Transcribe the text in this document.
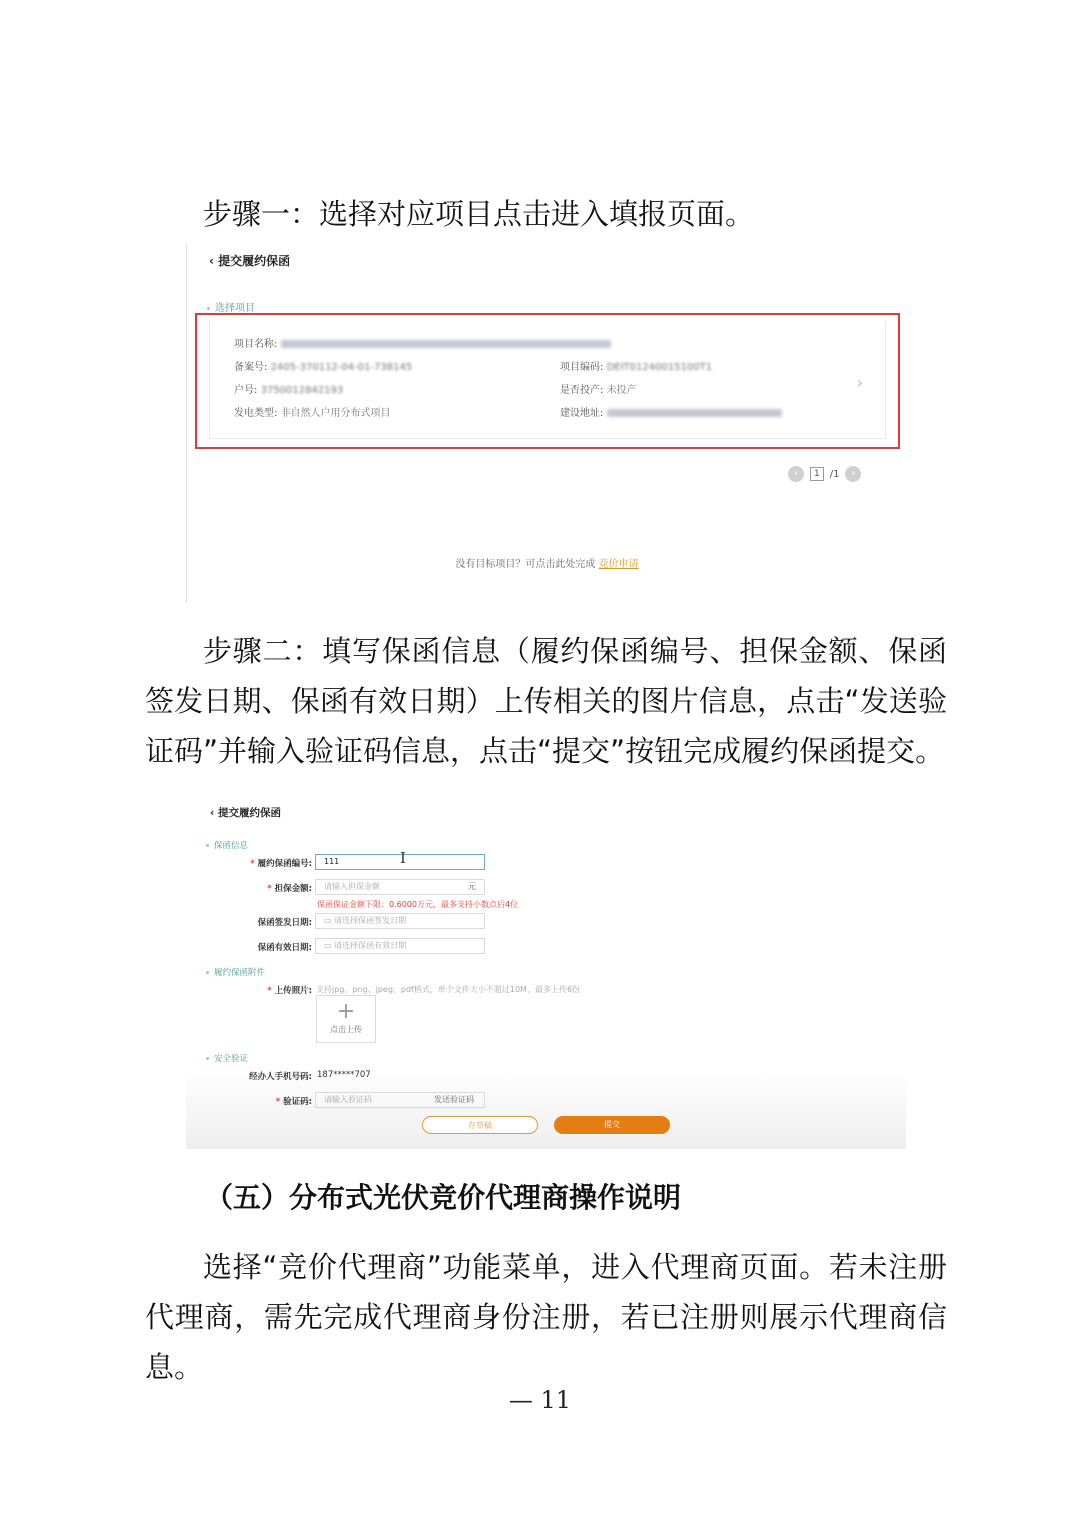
步骤一：选择对应项目点击进入填报页面。

‹ 提交履约保函
选择项目
项目名称:
备案号: 2405-370112-04-01-738145	项目编码: DEIT01240015100T1
户号: 3750012842193	是否投产: 未投产
发电类型: 非自然人户用分布式项目	建设地址:
›
‹	1	/1	›
没有目标项目？可点击此处完成 竞价申请

步骤二：填写保函信息（履约保函编号、担保金额、保函签发日期、保函有效日期）上传相关的图片信息，点击“发送验证码”并输入验证码信息，点击“提交”按钮完成履约保函提交。

‹ 提交履约保函
保函信息
* 履约保函编号:	111	I
* 担保金额:	请输入担保金额	元
保函保证金额下限：0.6000万元，最多支持小数点后4位
保函签发日期:	▭ 请选择保函签发日期
保函有效日期:	▭ 请选择保函有效日期
履约保函附件
* 上传照片: 支持jpg、png、jpeg、pdf格式，单个文件大小不超过10M，最多上传6份
+
点击上传
安全验证
经办人手机号码: 187*****707
* 验证码:	请输入验证码	发送验证码
存草稿	提交
（五）分布式光伏竞价代理商操作说明

选择“竞价代理商”功能菜单，进入代理商页面。若未注册代理商，需先完成代理商身份注册，若已注册则展示代理商信息。

— 11
